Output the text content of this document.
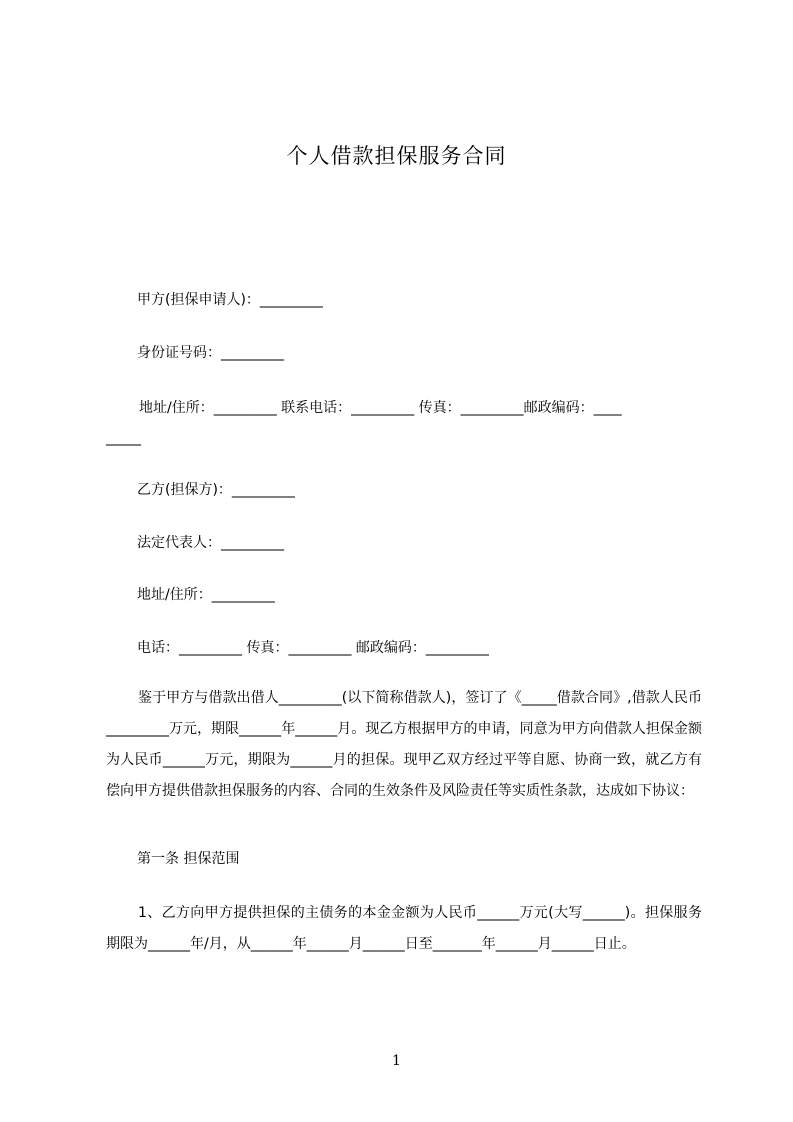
个人借款担保服务合同
甲方(担保申请人)：_________
身份证号码：_________
地址/住所：_________ 联系电话：_________ 传真：_________邮政编码：____
_____
乙方(担保方)：_________
法定代表人：_________
地址/住所：_________
电话：_________ 传真：_________ 邮政编码：_________
鉴于甲方与借款出借人_________(以下简称借款人)，签订了《_____借款合同》,借款人民币_________万元，期限______年______月。现乙方根据甲方的申请，同意为甲方向借款人担保金额为人民币______万元，期限为______月的担保。现甲乙双方经过平等自愿、协商一致，就乙方有偿向甲方提供借款担保服务的内容、合同的生效条件及风险责任等实质性条款，达成如下协议：
第一条 担保范围
1、乙方向甲方提供担保的主债务的本金金额为人民币______万元(大写______)。担保服务期限为______年/月，从______年______月______日至_______年______月______日止。
1
